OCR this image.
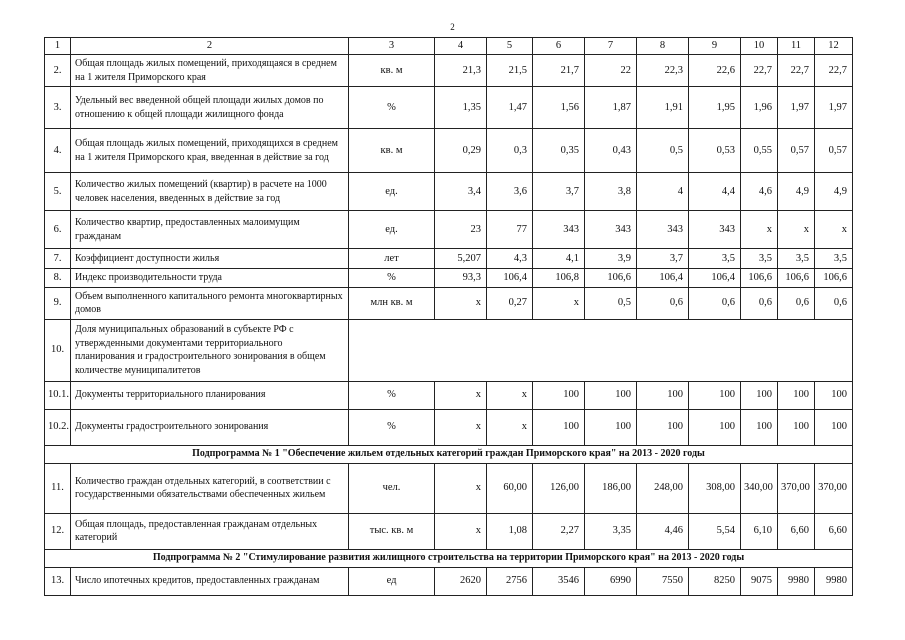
2
1	2	3	4	5	6	7	8	9	10	11	12
2.	Общая площадь жилых помещений, приходящаяся в среднем на 1 жителя Приморского края	кв. м	21,3	21,5	21,7	22	22,3	22,6	22,7	22,7	22,7
3.	Удельный вес введенной общей площади жилых домов по отношению к общей площади жилищного фонда	%	1,35	1,47	1,56	1,87	1,91	1,95	1,96	1,97	1,97
4.	Общая площадь жилых помещений, приходящихся в среднем на 1 жителя Приморского края, введенная в действие за год	кв. м	0,29	0,3	0,35	0,43	0,5	0,53	0,55	0,57	0,57
5.	Количество жилых помещений (квартир) в расчете на 1000 человек населения, введенных в действие за год	ед.	3,4	3,6	3,7	3,8	4	4,4	4,6	4,9	4,9
6.	Количество квартир, предоставленных малоимущим гражданам	ед.	23	77	343	343	343	343	x	x	x
7.	Коэффициент доступности жилья	лет	5,207	4,3	4,1	3,9	3,7	3,5	3,5	3,5	3,5
8.	Индекс производительности труда	%	93,3	106,4	106,8	106,6	106,4	106,4	106,6	106,6	106,6
9.	Объем выполненного капитального ремонта многоквартирных домов	млн кв. м	x	0,27	x	0,5	0,6	0,6	0,6	0,6	0,6
10.	Доля муниципальных образований в субъекте РФ с утвержденными документами территориального планирования и градостроительного зонирования в общем количестве муниципалитетов										
10.1.	Документы территориального планирования	%	x	x	100	100	100	100	100	100	100
10.2.	Документы градостроительного зонирования	%	x	x	100	100	100	100	100	100	100
Подпрограмма № 1 "Обеспечение жильем отдельных категорий граждан Приморского края" на 2013 - 2020 годы											
11.	Количество граждан отдельных категорий, в соответствии с государственными обязательствами обеспеченных жильем	чел.	x	60,00	126,00	186,00	248,00	308,00	340,00	370,00	370,00
12.	Общая площадь, предоставленная гражданам отдельных категорий	тыс. кв. м	x	1,08	2,27	3,35	4,46	5,54	6,10	6,60	6,60
Подпрограмма № 2 "Стимулирование развития жилищного строительства на территории Приморского края" на 2013 - 2020 годы											
13.	Число ипотечных кредитов, предоставленных гражданам	ед	2620	2756	3546	6990	7550	8250	9075	9980	9980
